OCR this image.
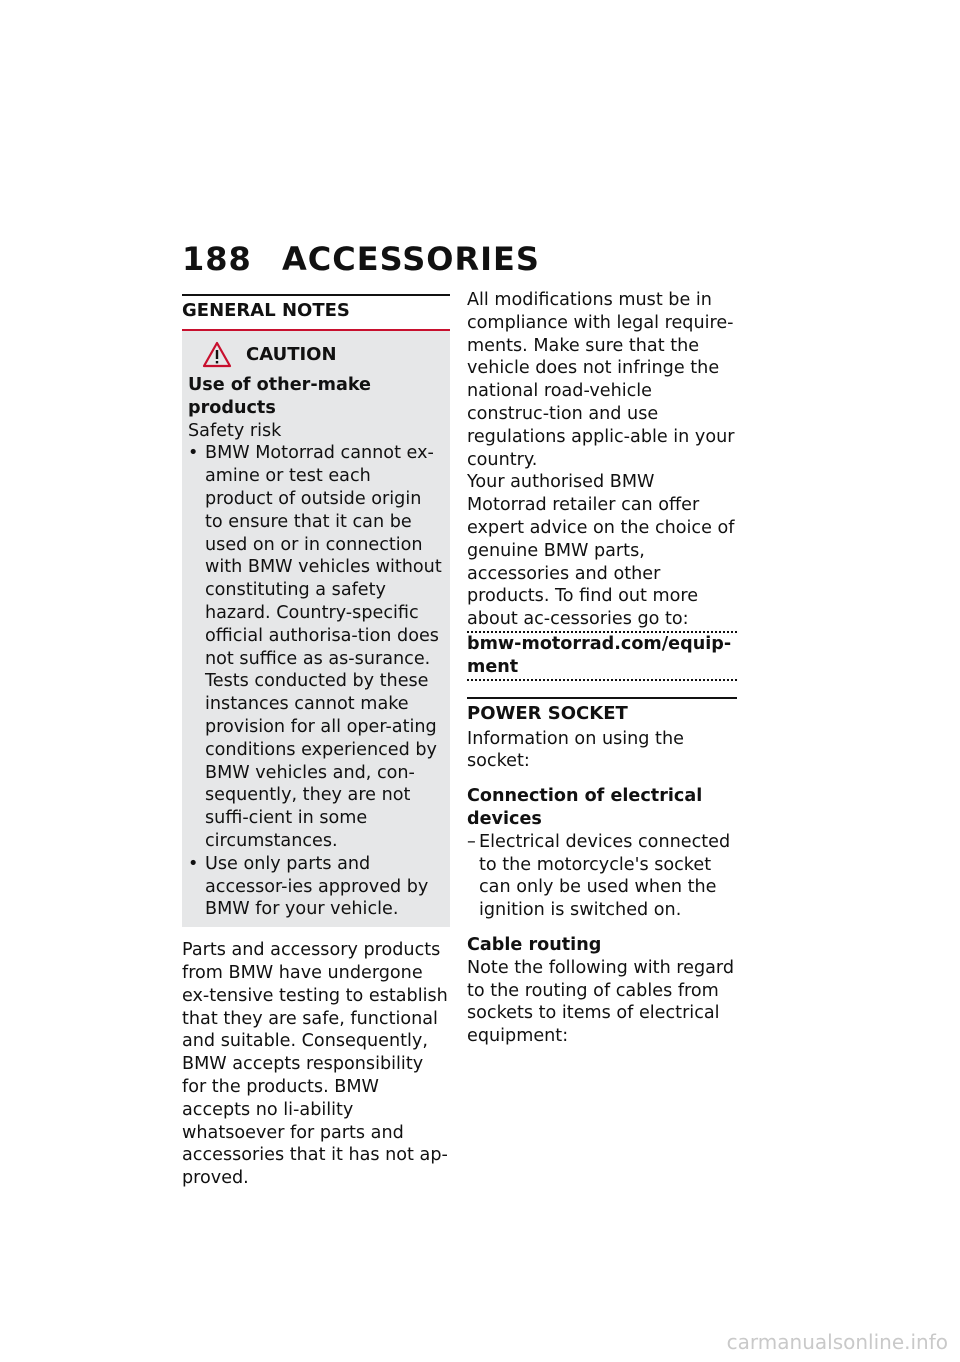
188 ACCESSORIES
GENERAL NOTES
CAUTION

Use of other-make products

Safety risk

• BMW Motorrad cannot ex-amine or test each product of outside origin to ensure that it can be used on or in connection with BMW vehicles without constituting a safety hazard. Country-specific official authorisa-tion does not suffice as as-surance. Tests conducted by these instances cannot make provision for all oper-ating conditions experienced by BMW vehicles and, con-sequently, they are not suffi-cient in some circumstances.
• Use only parts and accessor-ies approved by BMW for your vehicle.

Parts and accessory products from BMW have undergone ex-tensive testing to establish that they are safe, functional and suitable. Consequently, BMW accepts responsibility for the products. BMW accepts no li-ability whatsoever for parts and accessories that it has not ap-proved.

All modifications must be in compliance with legal require-ments. Make sure that the vehicle does not infringe the national road-vehicle construc-tion and use regulations applic-able in your country.

Your authorised BMW Motorrad retailer can offer expert advice on the choice of genuine BMW parts, accessories and other products. To find out more about ac-cessories go to:

bmw-motorrad.com/equip-ment
POWER SOCKET

Information on using the socket:

Connection of electrical devices

– Electrical devices connected to the motorcycle's socket can only be used when the ignition is switched on.

Cable routing

Note the following with regard to the routing of cables from sockets to items of electrical equipment:

carmanualsonline.info
